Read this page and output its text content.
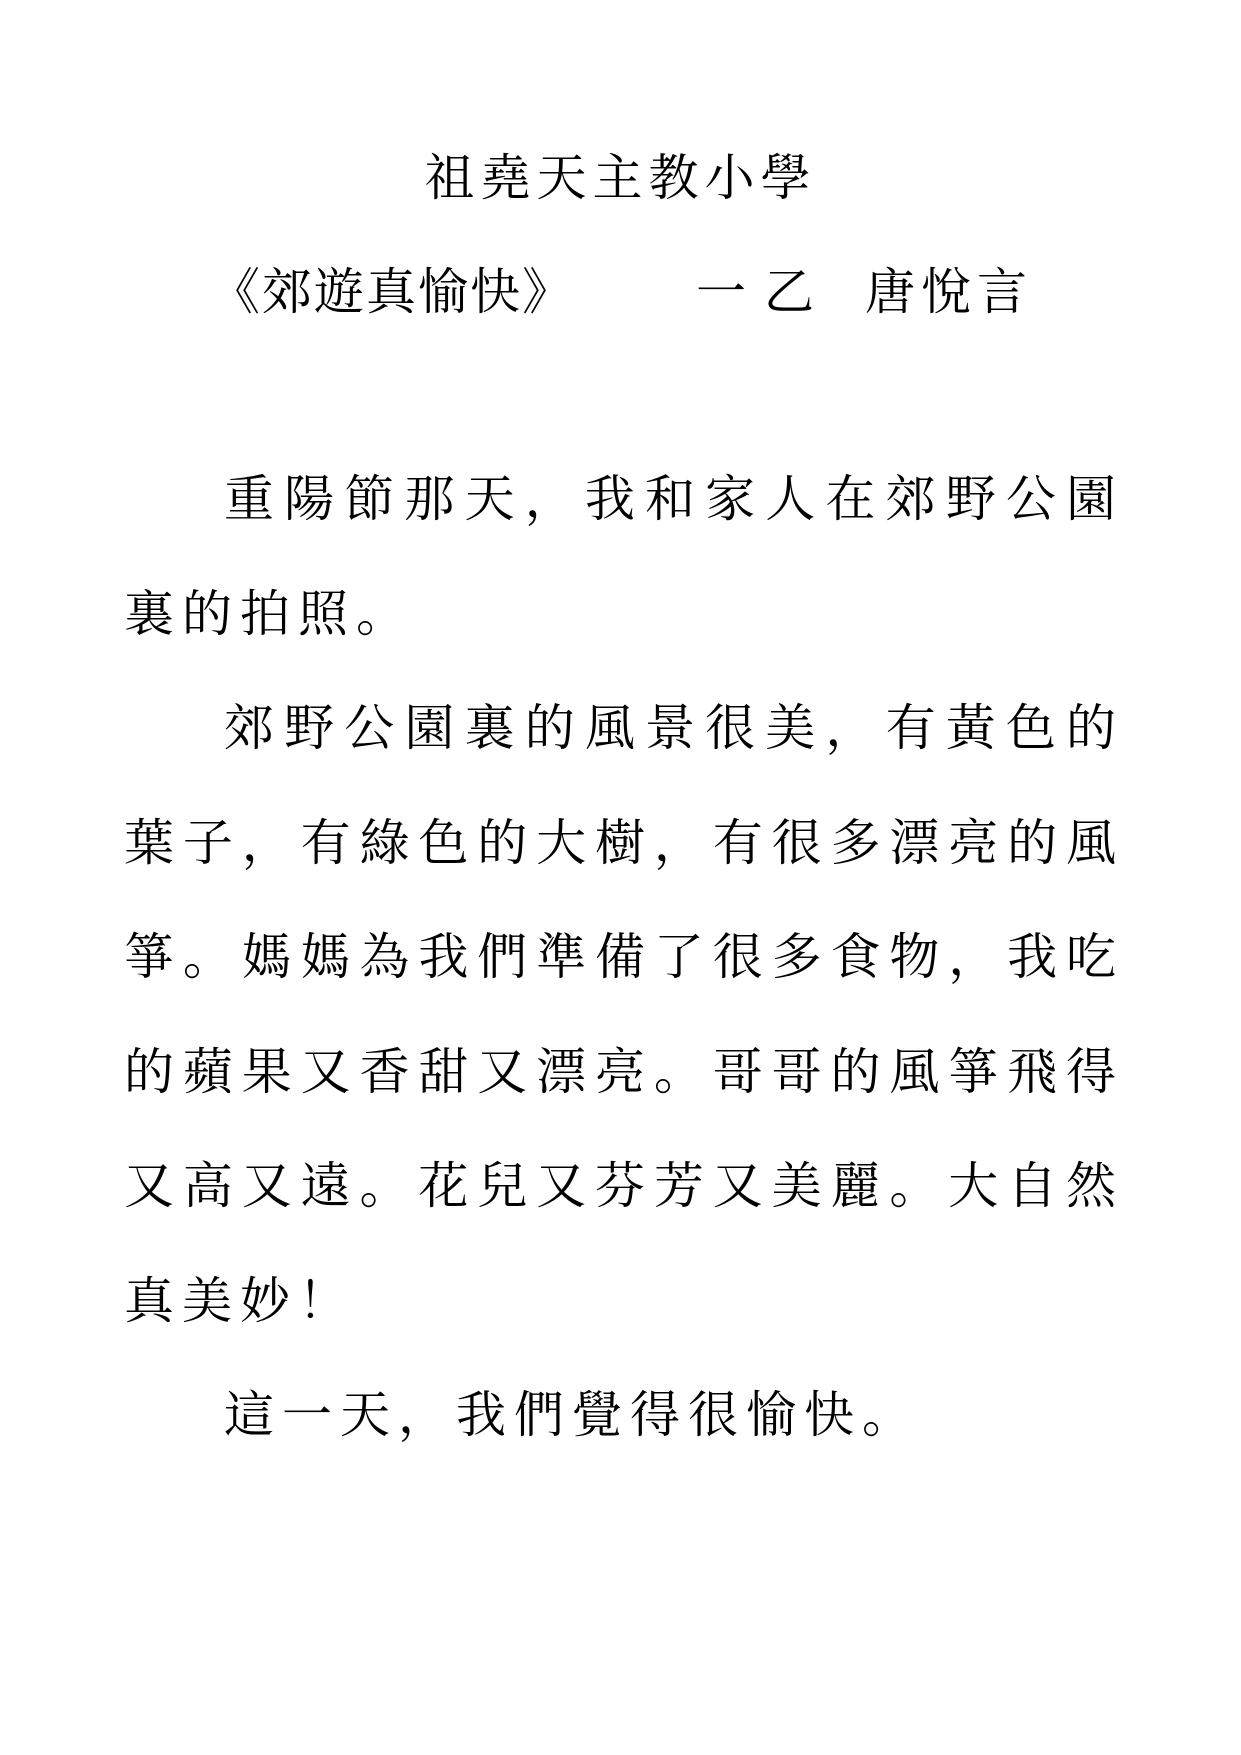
祖堯天主教小學
《郊遊真愉快》 一乙 唐悅言

重陽節那天，我和家人在郊野公園裏的拍照。

郊野公園裏的風景很美，有黃色的葉子，有綠色的大樹，有很多漂亮的風箏。媽媽為我們準備了很多食物，我吃的蘋果又香甜又漂亮。哥哥的風箏飛得又高又遠。花兒又芬芳又美麗。大自然真美妙！

這一天，我們覺得很愉快。
